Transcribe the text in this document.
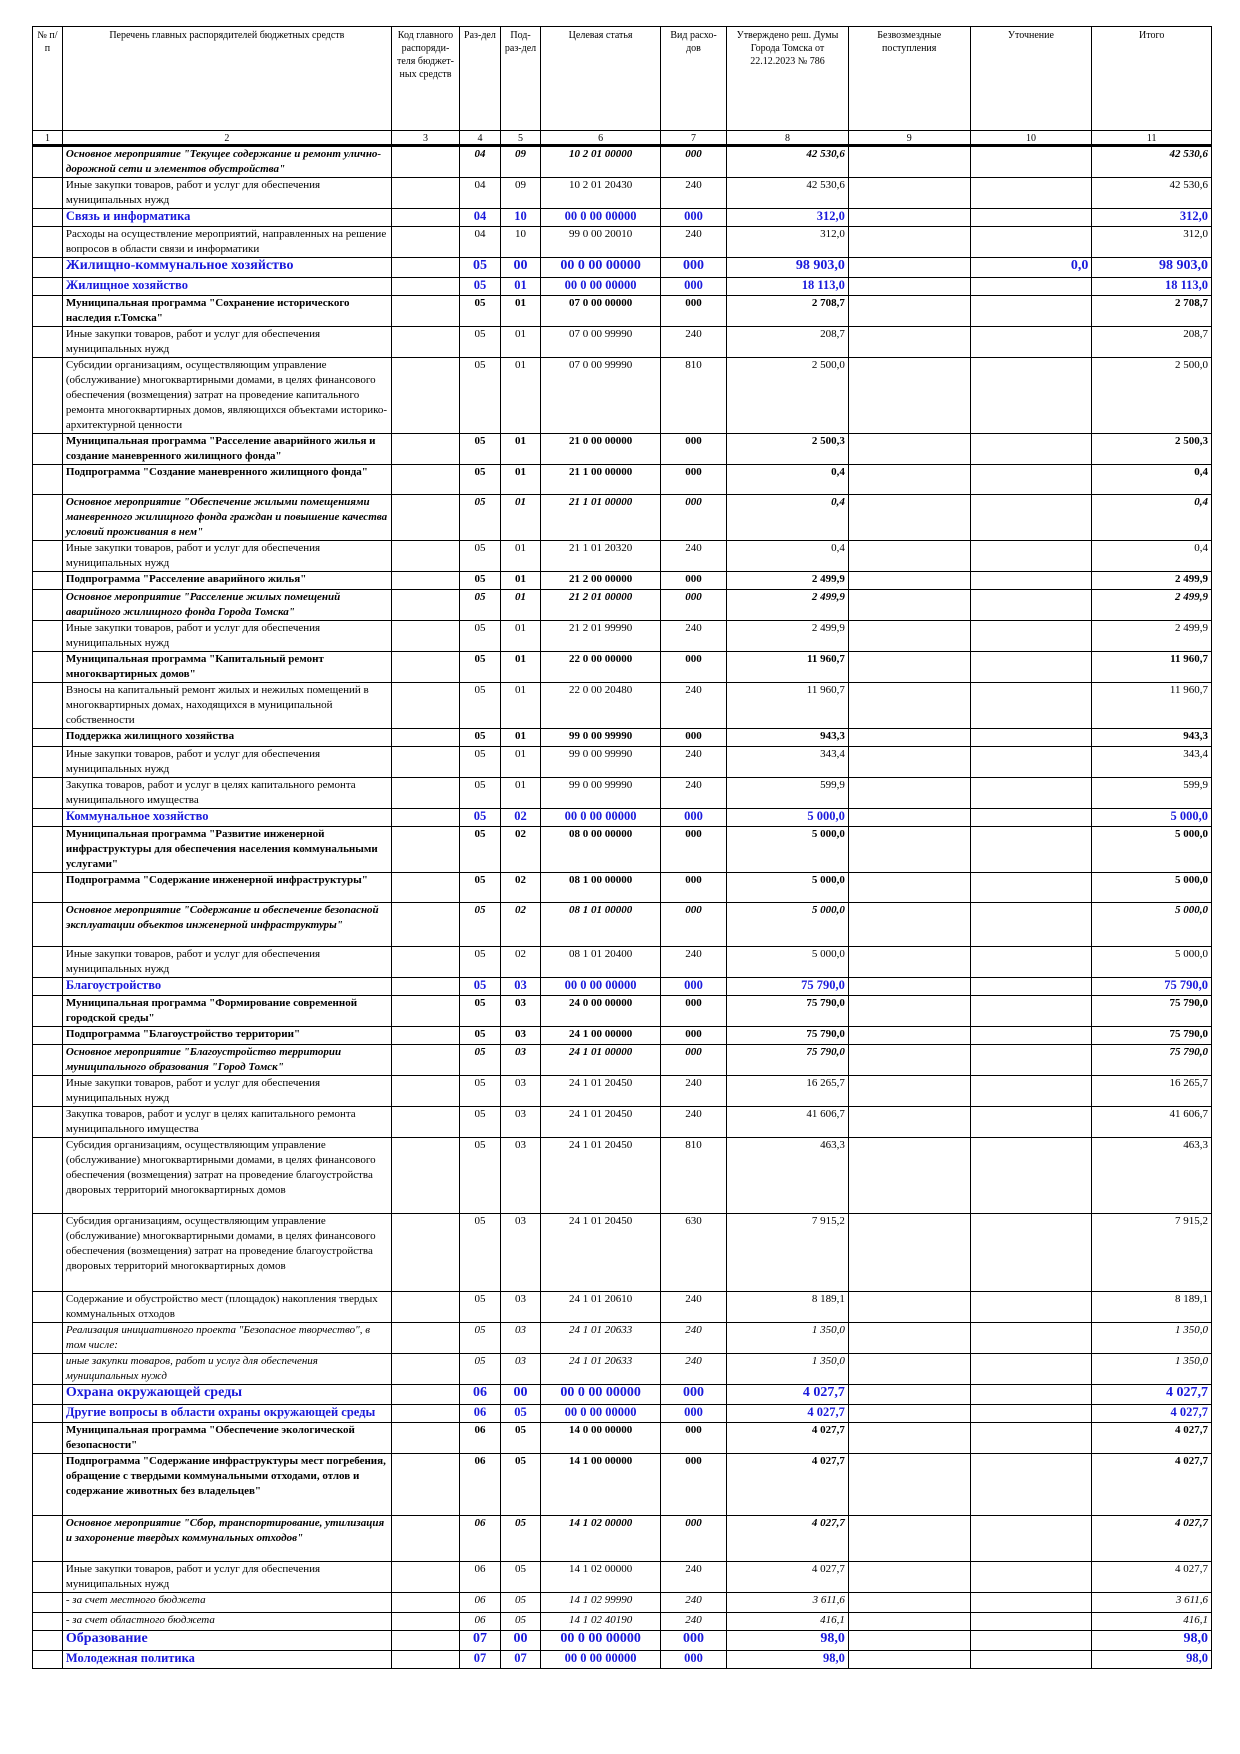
№ п/п	Перечень главных распорядителей бюджетных средств	Код главного распоряди-теля бюджет-ных средств	Раз-дел	Под-раз-дел	Целевая статья	Вид расхо-дов	Утверждено реш. Думы Города Томска от 22.12.2023 № 786	Безвозмездные поступления	Уточнение	Итого
1	2	3	4	5	6	7	8	9	10	11
	Основное мероприятие "Текущее содержание и ремонт улично-дорожной сети и элементов обустройства"		04	09	10 2 01 00000	000	42 530,6			42 530,6
	Иные закупки товаров, работ и услуг для обеспечения муниципальных нужд		04	09	10 2 01 20430	240	42 530,6			42 530,6
	Связь и информатика		04	10	00 0 00 00000	000	312,0			312,0
	Расходы на осуществление мероприятий, направленных на решение вопросов в области связи и информатики		04	10	99 0 00 20010	240	312,0			312,0
	Жилищно-коммунальное хозяйство		05	00	00 0 00 00000	000	98 903,0		0,0	98 903,0
	Жилищное хозяйство		05	01	00 0 00 00000	000	18 113,0			18 113,0
	Муниципальная программа "Сохранение исторического наследия г.Томска"		05	01	07 0 00 00000	000	2 708,7			2 708,7
	Иные закупки товаров, работ и услуг для обеспечения муниципальных нужд		05	01	07 0 00 99990	240	208,7			208,7
	Субсидии организациям, осуществляющим управление (обслуживание) многоквартирными домами, в целях финансового обеспечения (возмещения) затрат на проведение капитального ремонта многоквартирных домов, являющихся объектами историко-архитектурной ценности		05	01	07 0 00 99990	810	2 500,0			2 500,0
	Муниципальная программа "Расселение аварийного жилья и создание маневренного жилищного фонда"		05	01	21 0 00 00000	000	2 500,3			2 500,3
	Подпрограмма "Создание маневренного жилищного фонда"		05	01	21 1 00 00000	000	0,4			0,4
	Основное мероприятие "Обеспечение жилыми помещениями маневренного жилищного фонда граждан и повышение качества условий проживания в нем"		05	01	21 1 01 00000	000	0,4			0,4
	Иные закупки товаров, работ и услуг для обеспечения муниципальных нужд		05	01	21 1 01 20320	240	0,4			0,4
	Подпрограмма "Расселение аварийного жилья"		05	01	21 2 00 00000	000	2 499,9			2 499,9
	Основное мероприятие "Расселение жилых помещений аварийного жилищного фонда Города Томска"		05	01	21 2 01 00000	000	2 499,9			2 499,9
	Иные закупки товаров, работ и услуг для обеспечения муниципальных нужд		05	01	21 2 01 99990	240	2 499,9			2 499,9
	Муниципальная программа "Капитальный ремонт многоквартирных домов"		05	01	22 0 00 00000	000	11 960,7			11 960,7
	Взносы на капитальный ремонт жилых и нежилых помещений в многоквартирных домах, находящихся в муниципальной собственности		05	01	22 0 00 20480	240	11 960,7			11 960,7
	Поддержка жилищного хозяйства		05	01	99 0 00 99990	000	943,3			943,3
	Иные закупки товаров, работ и услуг для обеспечения муниципальных нужд		05	01	99 0 00 99990	240	343,4			343,4
	Закупка товаров, работ и услуг в целях капитального ремонта муниципального имущества		05	01	99 0 00 99990	240	599,9			599,9
	Коммунальное хозяйство		05	02	00 0 00 00000	000	5 000,0			5 000,0
	Муниципальная программа "Развитие инженерной инфраструктуры для обеспечения населения коммунальными услугами"		05	02	08 0 00 00000	000	5 000,0			5 000,0
	Подпрограмма "Содержание инженерной инфраструктуры"		05	02	08 1 00 00000	000	5 000,0			5 000,0
	Основное мероприятие "Содержание и обеспечение безопасной эксплуатации объектов инженерной инфраструктуры"		05	02	08 1 01 00000	000	5 000,0			5 000,0
	Иные закупки товаров, работ и услуг для обеспечения муниципальных нужд		05	02	08 1 01 20400	240	5 000,0			5 000,0
	Благоустройство		05	03	00 0 00 00000	000	75 790,0			75 790,0
	Муниципальная программа "Формирование современной городской среды"		05	03	24 0 00 00000	000	75 790,0			75 790,0
	Подпрограмма "Благоустройство территории"		05	03	24 1 00 00000	000	75 790,0			75 790,0
	Основное мероприятие "Благоустройство территории муниципального образования "Город Томск"		05	03	24 1 01 00000	000	75 790,0			75 790,0
	Иные закупки товаров, работ и услуг для обеспечения муниципальных нужд		05	03	24 1 01 20450	240	16 265,7			16 265,7
	Закупка товаров, работ и услуг в целях капитального ремонта муниципального имущества		05	03	24 1 01 20450	240	41 606,7			41 606,7
	Субсидия организациям, осуществляющим управление (обслуживание) многоквартирными домами, в целях финансового обеспечения (возмещения) затрат на проведение благоустройства дворовых территорий многоквартирных домов		05	03	24 1 01 20450	810	463,3			463,3
	Субсидия организациям, осуществляющим управление (обслуживание) многоквартирными домами, в целях финансового обеспечения (возмещения) затрат на проведение благоустройства дворовых территорий многоквартирных домов		05	03	24 1 01 20450	630	7 915,2			7 915,2
	Содержание и обустройство мест (площадок) накопления твердых коммунальных отходов		05	03	24 1 01 20610	240	8 189,1			8 189,1
	Реализация инициативного проекта "Безопасное творчество", в том числе:		05	03	24 1 01 20633	240	1 350,0			1 350,0
	иные закупки товаров, работ и услуг для обеспечения муниципальных нужд		05	03	24 1 01 20633	240	1 350,0			1 350,0
	Охрана окружающей среды		06	00	00 0 00 00000	000	4 027,7			4 027,7
	Другие вопросы в области охраны окружающей среды		06	05	00 0 00 00000	000	4 027,7			4 027,7
	Муниципальная программа "Обеспечение экологической безопасности"		06	05	14 0 00 00000	000	4 027,7			4 027,7
	Подпрограмма "Содержание инфраструктуры мест погребения, обращение с твердыми коммунальными отходами, отлов и содержание животных без владельцев"		06	05	14 1 00 00000	000	4 027,7			4 027,7
	Основное мероприятие "Сбор, транспортирование, утилизация и захоронение твердых коммунальных отходов"		06	05	14 1 02 00000	000	4 027,7			4 027,7
	Иные закупки товаров, работ и услуг для обеспечения муниципальных нужд		06	05	14 1 02 00000	240	4 027,7			4 027,7
	- за счет местного бюджета		06	05	14 1 02 99990	240	3 611,6			3 611,6
	- за счет областного бюджета		06	05	14 1 02 40190	240	416,1			416,1
	Образование		07	00	00 0 00 00000	000	98,0			98,0
	Молодежная политика		07	07	00 0 00 00000	000	98,0			98,0
